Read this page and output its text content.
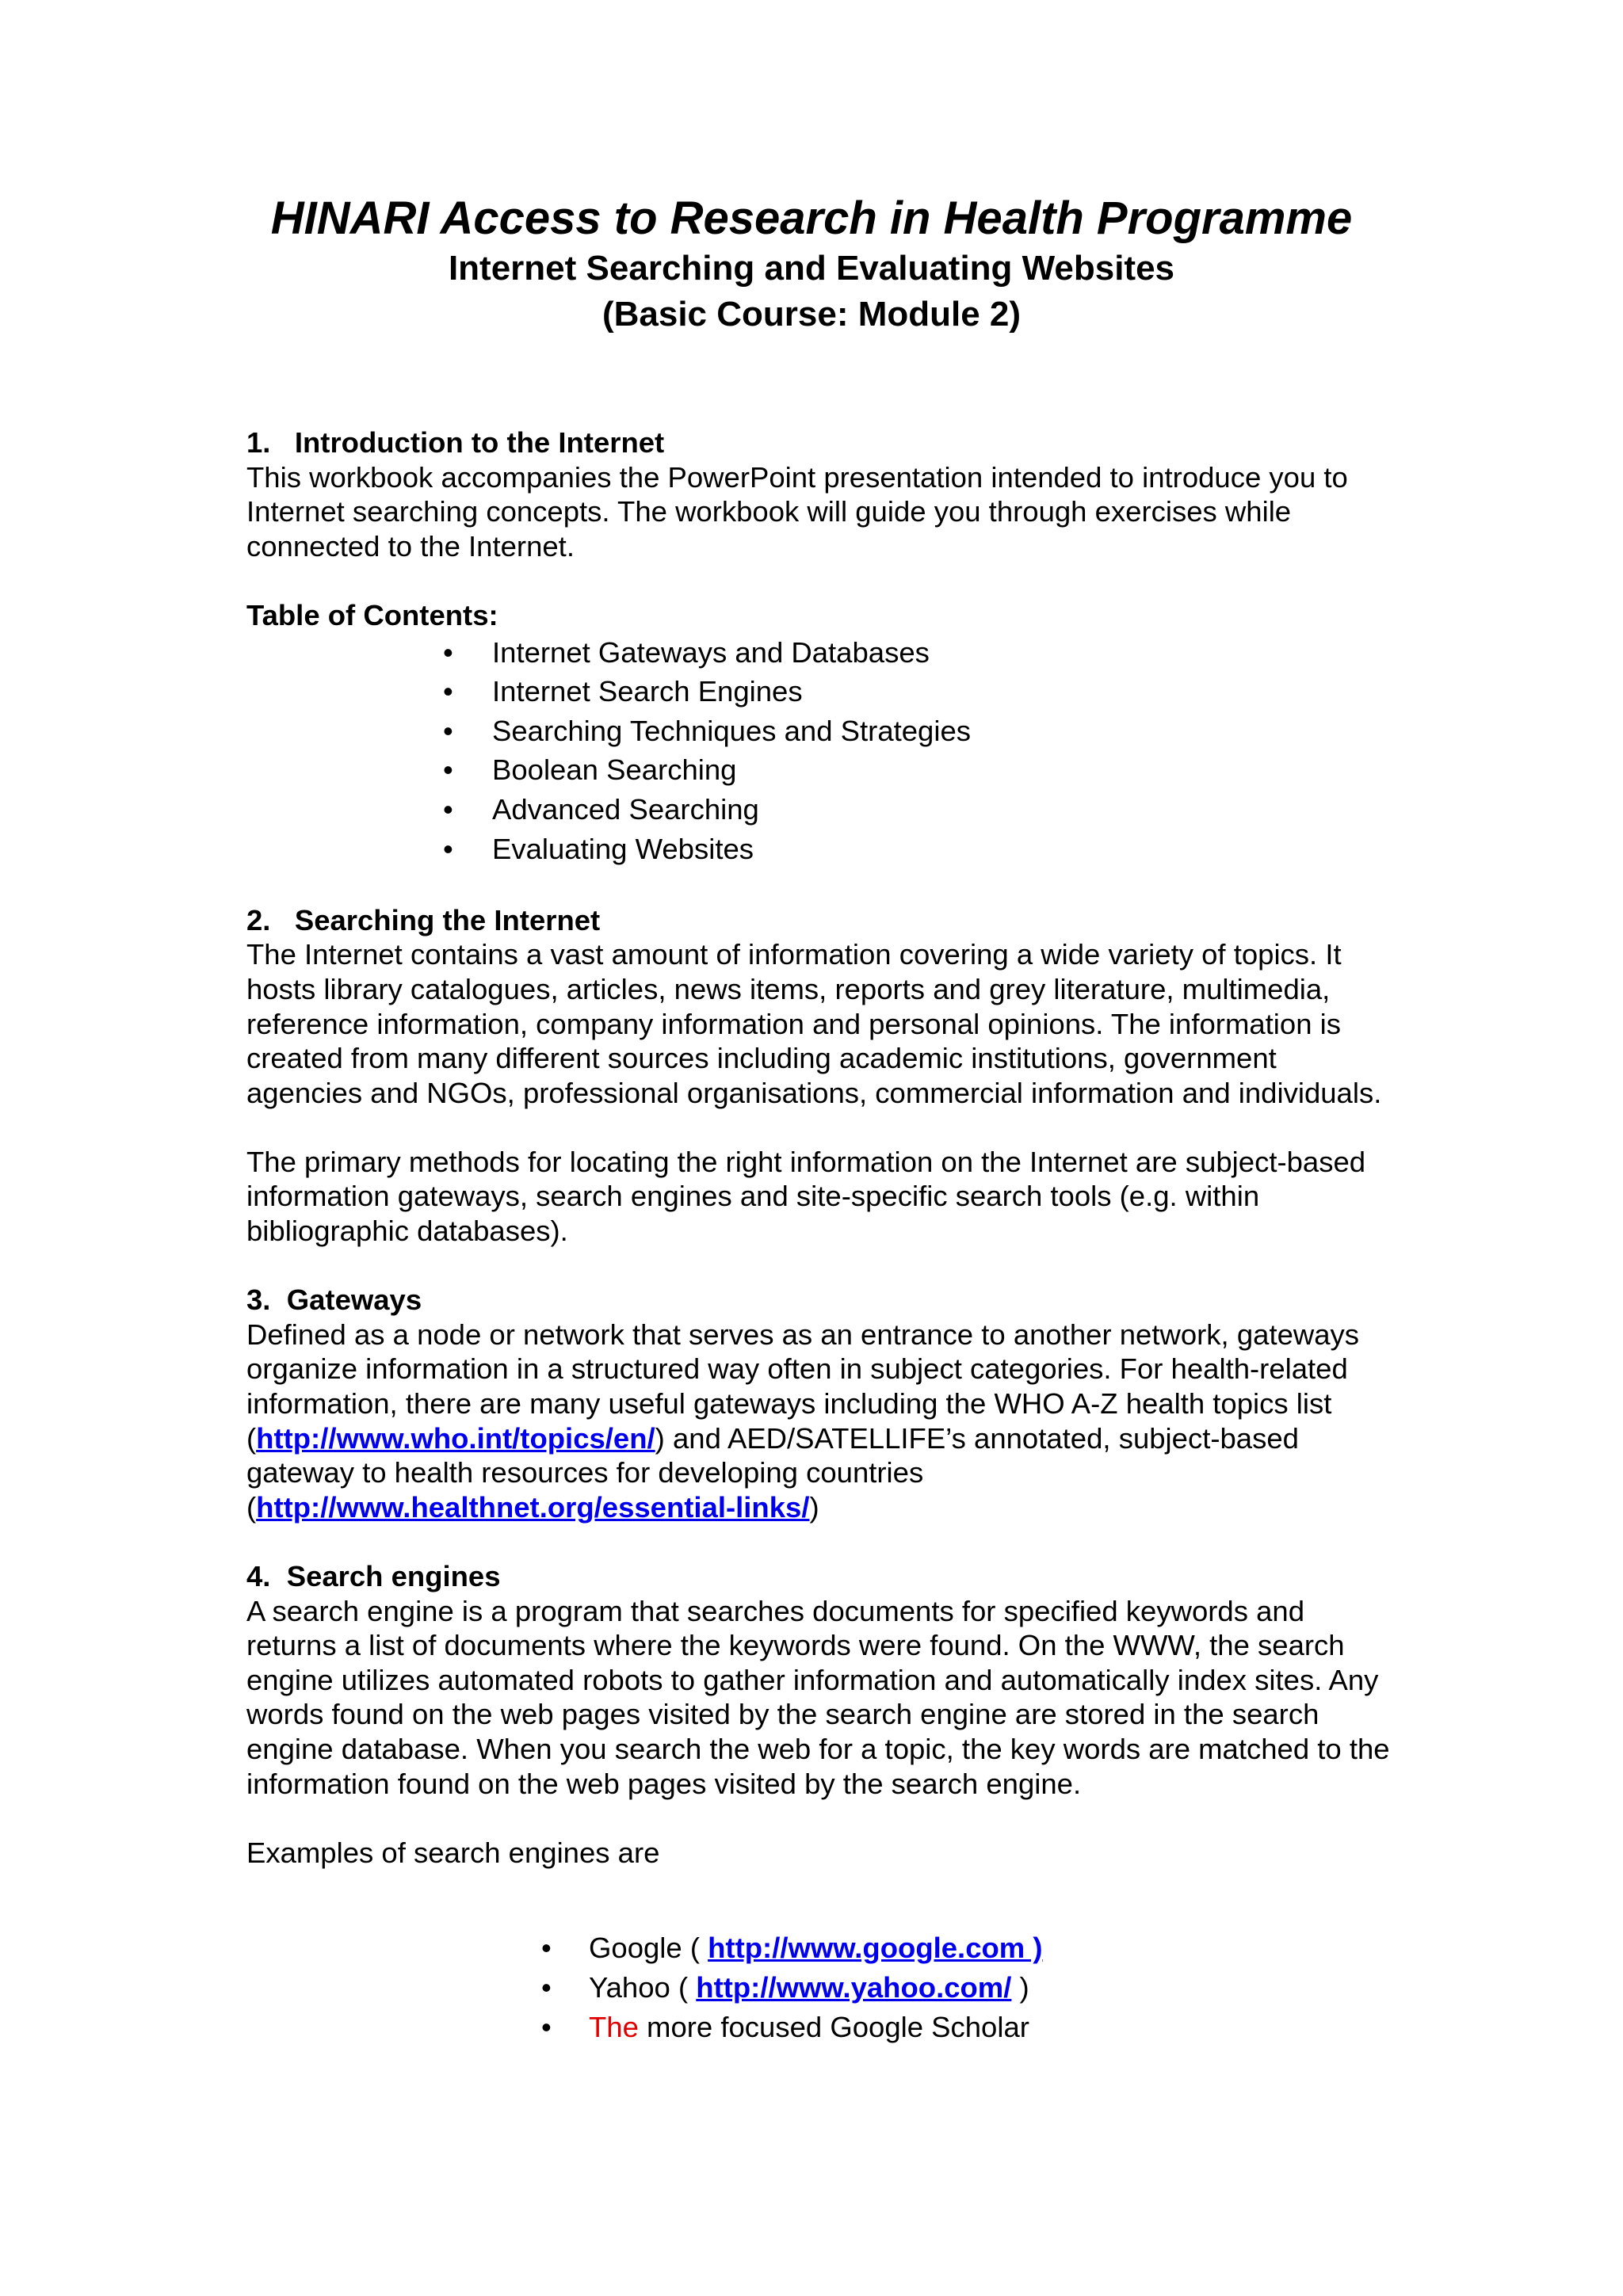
HINARI Access to Research in Health Programme
Internet Searching and Evaluating Websites
(Basic Course: Module 2)

1.   Introduction to the Internet

This workbook accompanies the PowerPoint presentation intended to introduce you to Internet searching concepts. The workbook will guide you through exercises while connected to the Internet.

Table of Contents:

• Internet Gateways and Databases
• Internet Search Engines
• Searching Techniques and Strategies
• Boolean Searching
• Advanced Searching
• Evaluating Websites

2.   Searching the Internet

The Internet contains a vast amount of information covering a wide variety of topics. It hosts library catalogues, articles, news items, reports and grey literature, multimedia, reference information, company information and personal opinions. The information is created from many different sources including academic institutions, government agencies and NGOs, professional organisations, commercial information and individuals.

The primary methods for locating the right information on the Internet are subject-based information gateways, search engines and site-specific search tools (e.g. within bibliographic databases).

3.  Gateways

Defined as a node or network that serves as an entrance to another network, gateways organize information in a structured way often in subject categories. For health-related information, there are many useful gateways including the WHO A-Z health topics list (http://www.who.int/topics/en/) and AED/SATELLIFE’s annotated, subject-based gateway to health resources for developing countries (http://www.healthnet.org/essential-links/)

4.  Search engines

A search engine is a program that searches documents for specified keywords and returns a list of documents where the keywords were found. On the WWW, the search engine utilizes automated robots to gather information and automatically index sites. Any words found on the web pages visited by the search engine are stored in the search engine database. When you search the web for a topic, the key words are matched to the information found on the web pages visited by the search engine.

Examples of search engines are

• Google ( http://www.google.com )
• Yahoo ( http://www.yahoo.com/ )
• The more focused Google Scholar
